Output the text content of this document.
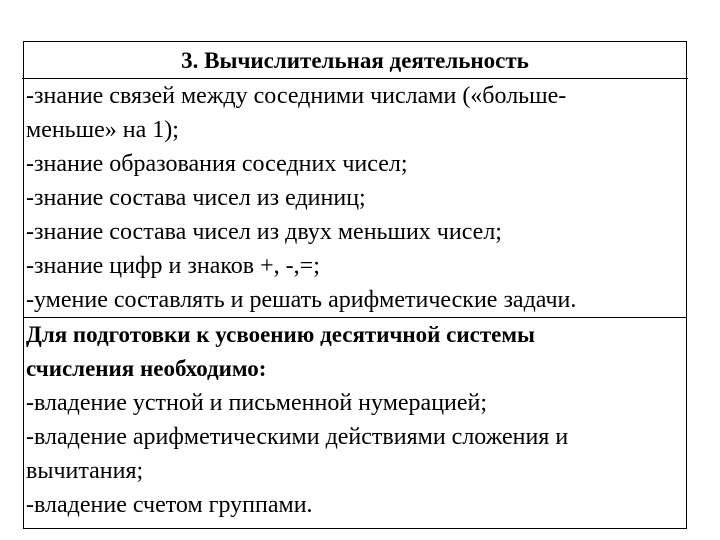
3. Вычислительная деятельность
-знание связей между соседними числами («больше-
меньше» на 1);
-знание образования соседних чисел;
-знание состава чисел из единиц;
-знание состава чисел из двух меньших чисел;
-знание цифр и знаков +, -,=;
-умение составлять и решать арифметические задачи.
Для подготовки к усвоению десятичной системы
счисления необходимо:
-владение устной и письменной нумерацией;
-владение арифметическими действиями сложения и
вычитания;
-владение счетом группами.
